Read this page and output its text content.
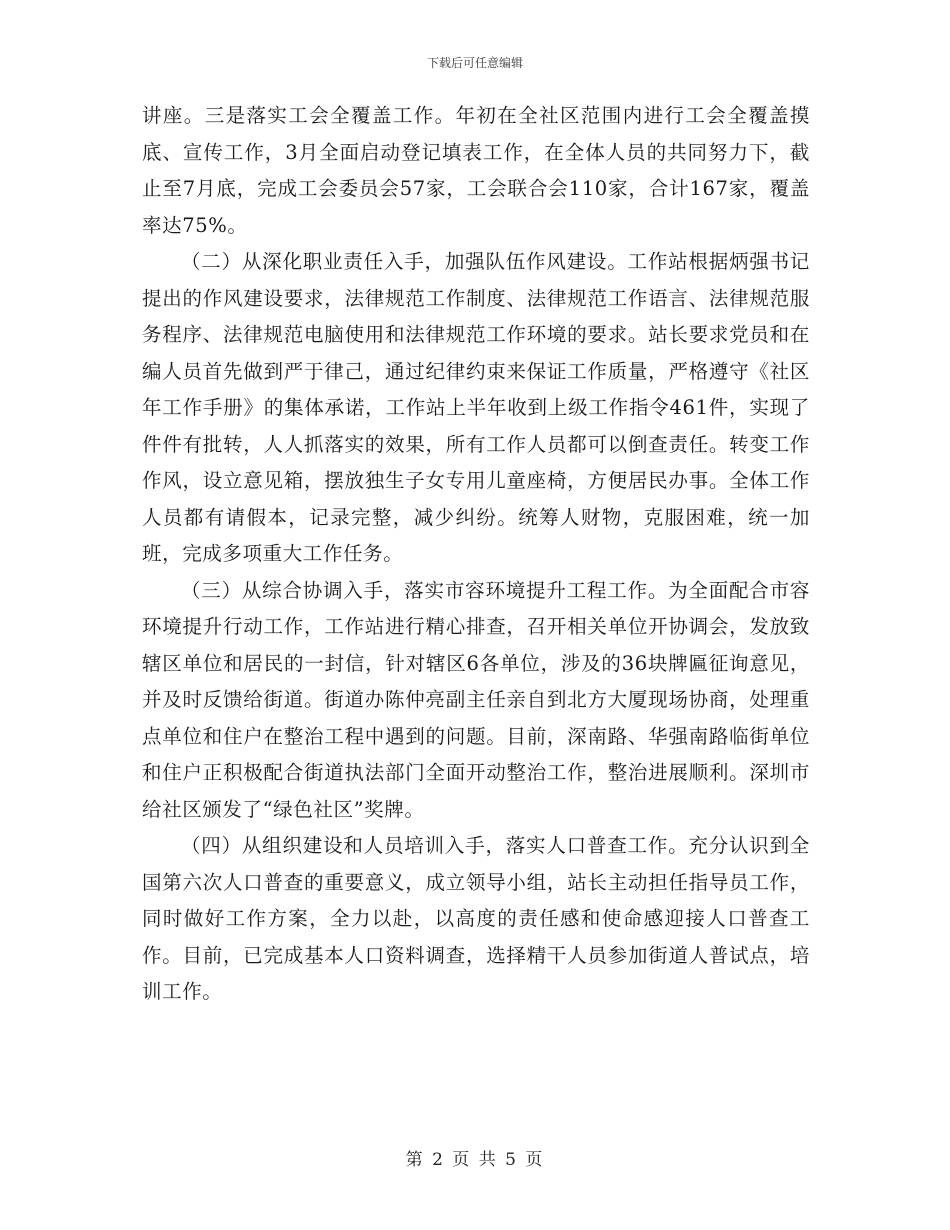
下载后可任意编辑

讲座。三是落实工会全覆盖工作。年初在全社区范围内进行工会全覆盖摸底、宣传工作，3月全面启动登记填表工作，在全体人员的共同努力下，截止至7月底，完成工会委员会57家，工会联合会110家，合计167家，覆盖率达75%。

（二）从深化职业责任入手，加强队伍作风建设。工作站根据炳强书记提出的作风建设要求，法律规范工作制度、法律规范工作语言、法律规范服务程序、法律规范电脑使用和法律规范工作环境的要求。站长要求党员和在编人员首先做到严于律己，通过纪律约束来保证工作质量，严格遵守《社区年工作手册》的集体承诺，工作站上半年收到上级工作指令461件，实现了件件有批转，人人抓落实的效果，所有工作人员都可以倒查责任。转变工作作风，设立意见箱，摆放独生子女专用儿童座椅，方便居民办事。全体工作人员都有请假本，记录完整，减少纠纷。统筹人财物，克服困难，统一加班，完成多项重大工作任务。

（三）从综合协调入手，落实市容环境提升工程工作。为全面配合市容环境提升行动工作，工作站进行精心排查，召开相关单位开协调会，发放致辖区单位和居民的一封信，针对辖区6各单位，涉及的36块牌匾征询意见，并及时反馈给街道。街道办陈仲亮副主任亲自到北方大厦现场协商，处理重点单位和住户在整治工程中遇到的问题。目前，深南路、华强南路临街单位和住户正积极配合街道执法部门全面开动整治工作，整治进展顺利。深圳市给社区颁发了“绿色社区”奖牌。

（四）从组织建设和人员培训入手，落实人口普查工作。充分认识到全国第六次人口普查的重要意义，成立领导小组，站长主动担任指导员工作，同时做好工作方案，全力以赴，以高度的责任感和使命感迎接人口普查工作。目前，已完成基本人口资料调查，选择精干人员参加街道人普试点，培训工作。

第 2 页 共 5 页
